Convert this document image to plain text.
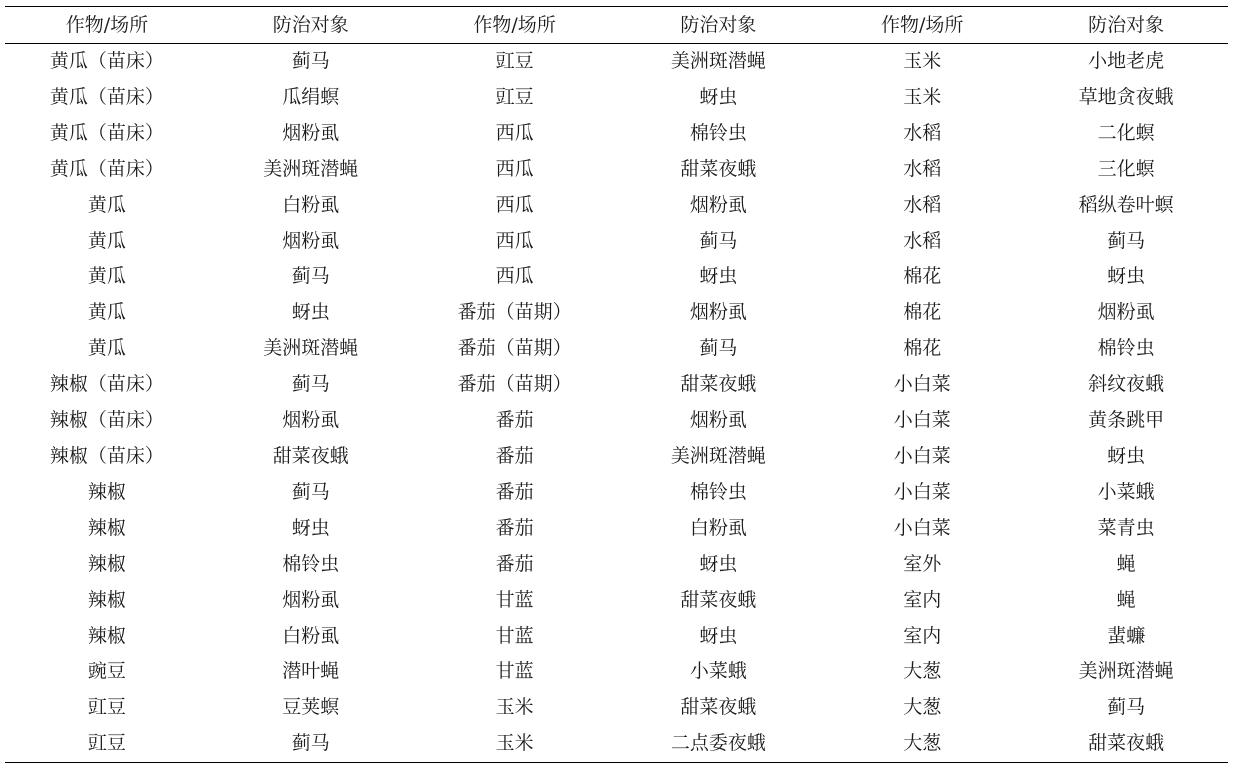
作物/场所	防治对象	作物/场所	防治对象	作物/场所	防治对象
黄瓜（苗床）	蓟马	豇豆	美洲斑潜蝇	玉米	小地老虎
黄瓜（苗床）	瓜绢螟	豇豆	蚜虫	玉米	草地贪夜蛾
黄瓜（苗床）	烟粉虱	西瓜	棉铃虫	水稻	二化螟
黄瓜（苗床）	美洲斑潜蝇	西瓜	甜菜夜蛾	水稻	三化螟
黄瓜	白粉虱	西瓜	烟粉虱	水稻	稻纵卷叶螟
黄瓜	烟粉虱	西瓜	蓟马	水稻	蓟马
黄瓜	蓟马	西瓜	蚜虫	棉花	蚜虫
黄瓜	蚜虫	番茄（苗期）	烟粉虱	棉花	烟粉虱
黄瓜	美洲斑潜蝇	番茄（苗期）	蓟马	棉花	棉铃虫
辣椒（苗床）	蓟马	番茄（苗期）	甜菜夜蛾	小白菜	斜纹夜蛾
辣椒（苗床）	烟粉虱	番茄	烟粉虱	小白菜	黄条跳甲
辣椒（苗床）	甜菜夜蛾	番茄	美洲斑潜蝇	小白菜	蚜虫
辣椒	蓟马	番茄	棉铃虫	小白菜	小菜蛾
辣椒	蚜虫	番茄	白粉虱	小白菜	菜青虫
辣椒	棉铃虫	番茄	蚜虫	室外	蝇
辣椒	烟粉虱	甘蓝	甜菜夜蛾	室内	蝇
辣椒	白粉虱	甘蓝	蚜虫	室内	蜚蠊
豌豆	潜叶蝇	甘蓝	小菜蛾	大葱	美洲斑潜蝇
豇豆	豆荚螟	玉米	甜菜夜蛾	大葱	蓟马
豇豆	蓟马	玉米	二点委夜蛾	大葱	甜菜夜蛾
